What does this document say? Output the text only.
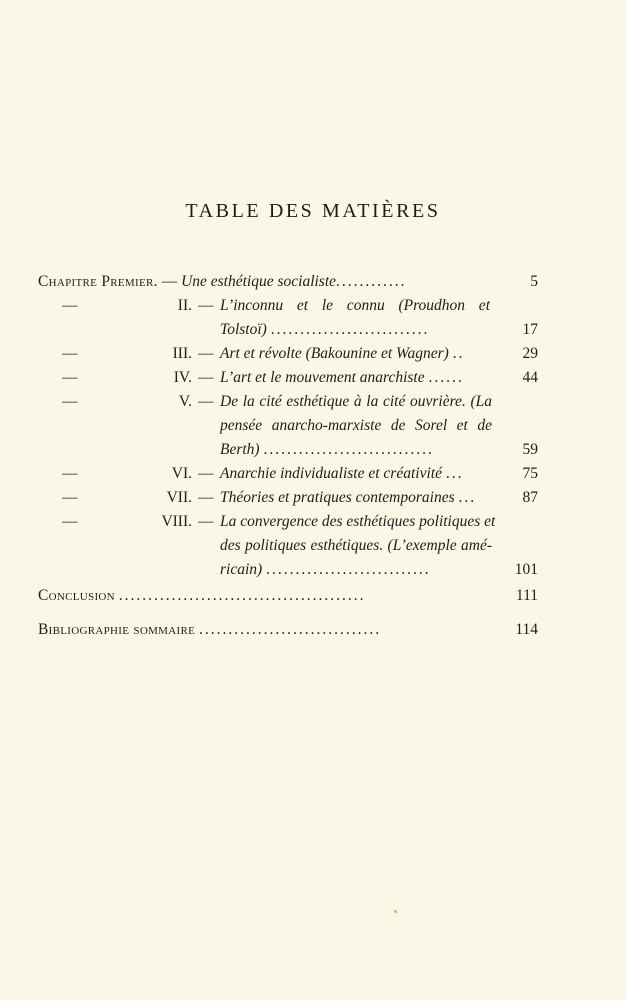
TABLE DES MATIÈRES
Chapitre Premier. — Une esthétique socialiste............	5
—	II. — L’inconnu et le connu (Proudhon et
Tolstoï) ...........................	17
—	III. — Art et révolte (Bakounine et Wagner) ..	29
—	IV. — L’art et le mouvement anarchiste ......	44
—	V. — De la cité esthétique à la cité ouvrière. (La
pensée anarcho-marxiste de Sorel et de
Berth) .............................	59
—	VI. — Anarchie individualiste et créativité ...	75
—	VII. — Théories et pratiques contemporaines ...	87
—	VIII. — La convergence des esthétiques politiques et
des politiques esthétiques. (L’exemple amé-
ricain) ............................	101
Conclusion ..........................................	111
Bibliographie sommaire ...............................	114
